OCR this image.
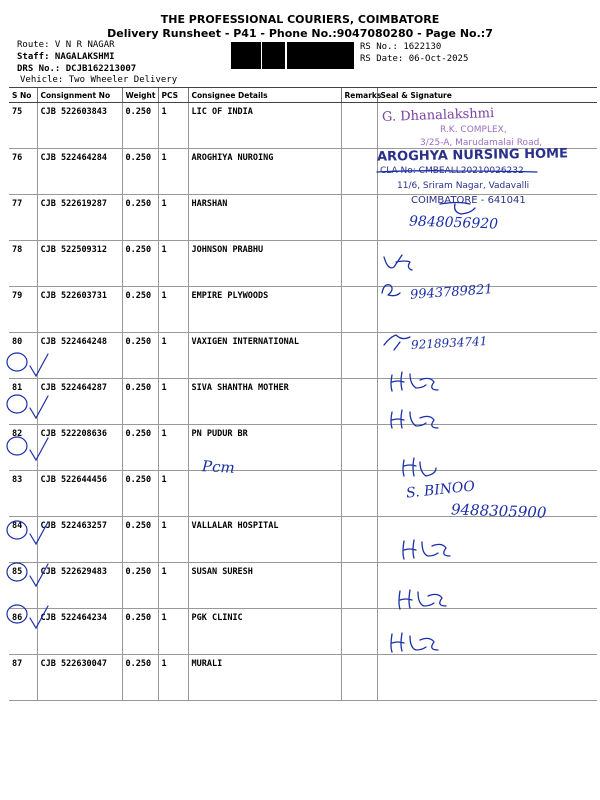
THE PROFESSIONAL COURIERS, COIMBATORE
Delivery Runsheet - P41 - Phone No.:9047080280 - Page No.:7
Route: V N R NAGAR
Staff: NAGALAKSHMI
DRS No.: DCJB162213007
Vehicle: Two Wheeler Delivery
RS No.: 1622130
RS Date: 06-Oct-2025
S No	Consignment No	Weight	PCS	Consignee Details	Remarks	Seal & Signature
75	CJB 522603843	0.250	1	LIC OF INDIA		
76	CJB 522464284	0.250	1	AROGHIYA NUROING		
77	CJB 522619287	0.250	1	HARSHAN		
78	CJB 522509312	0.250	1	JOHNSON PRABHU		
79	CJB 522603731	0.250	1	EMPIRE PLYWOODS		
80	CJB 522464248	0.250	1	VAXIGEN INTERNATIONAL		
81	CJB 522464287	0.250	1	SIVA SHANTHA MOTHER		
82	CJB 522208636	0.250	1	PN PUDUR BR		
83	CJB 522644456	0.250	1			
84	CJB 522463257	0.250	1	VALLALAR HOSPITAL		
85	CJB 522629483	0.250	1	SUSAN SURESH		
86	CJB 522464234	0.250	1	PGK CLINIC		
87	CJB 522630047	0.250	1	MURALI		
G. Dhanalakshmi
R.K. COMPLEX,
3/25-A, Marudamalai Road,
AROGHYA NURSING HOME
CLA No: CMBEALL20210026232
11/6, Sriram Nagar, Vadavalli
COIMBATORE - 641041
9848056920
9943789821
9218934741
Pcm
S. BINOO
9488305900
